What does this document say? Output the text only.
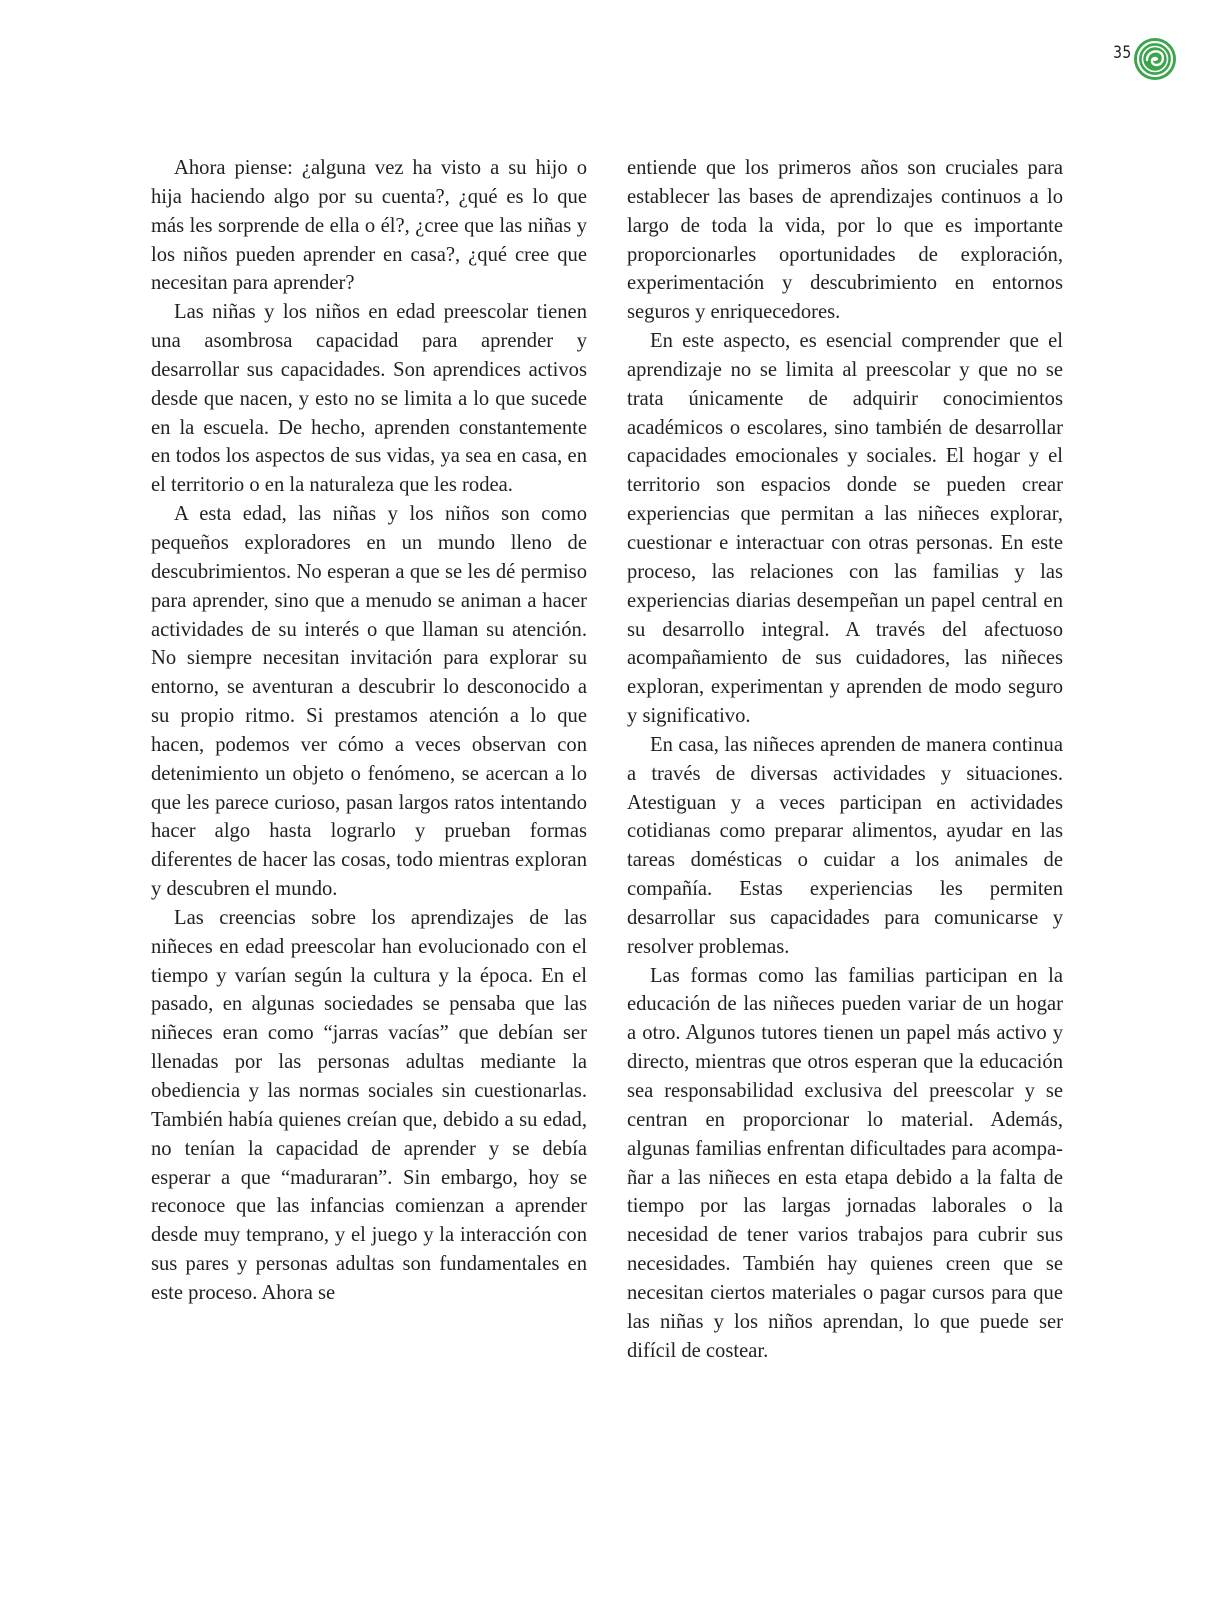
35

Ahora piense: ¿alguna vez ha visto a su hijo o hija haciendo algo por su cuenta?, ¿qué es lo que más les sorprende de ella o él?, ¿cree que las niñas y los niños pueden aprender en casa?, ¿qué cree que necesitan para aprender?

Las niñas y los niños en edad preescolar tienen una asombrosa capacidad para aprender y desarrollar sus capacidades. Son aprendices activos desde que nacen, y esto no se limita a lo que sucede en la escuela. De hecho, aprenden constantemente en todos los aspectos de sus vidas, ya sea en casa, en el territorio o en la naturaleza que les rodea.

A esta edad, las niñas y los niños son como pequeños exploradores en un mundo lleno de descubrimientos. No esperan a que se les dé permiso para aprender, sino que a menudo se animan a hacer actividades de su interés o que llaman su atención. No siempre necesitan invitación para explorar su entorno, se aventuran a descubrir lo desconocido a su propio ritmo. Si prestamos atención a lo que hacen, podemos ver cómo a veces observan con detenimiento un objeto o fenómeno, se acercan a lo que les parece curioso, pasan largos ratos intentando hacer algo hasta lograrlo y prueban formas diferentes de hacer las cosas, todo mientras exploran y descubren el mundo.

Las creencias sobre los aprendizajes de las niñeces en edad preescolar han evolucionado con el tiempo y varían según la cultura y la época. En el pasado, en algunas sociedades se pensaba que las niñeces eran como “jarras vacías” que debían ser llenadas por las personas adultas mediante la obediencia y las normas sociales sin cuestionarlas. También había quienes creían que, debido a su edad, no tenían la capacidad de aprender y se debía esperar a que “maduraran”. Sin embargo, hoy se reconoce que las infancias comienzan a aprender desde muy temprano, y el juego y la interacción con sus pares y personas adultas son fundamentales en este proceso. Ahora se

entiende que los primeros años son cruciales para establecer las bases de aprendizajes continuos a lo largo de toda la vida, por lo que es importante proporcionarles oportunidades de exploración, experimentación y descubrimiento en entornos seguros y enriquecedores.

En este aspecto, es esencial comprender que el aprendizaje no se limita al preescolar y que no se trata únicamente de adquirir conocimientos académicos o escolares, sino también de desarrollar capacidades emocionales y sociales. El hogar y el territorio son espacios donde se pueden crear experiencias que permitan a las niñeces explorar, cuestionar e interactuar con otras personas. En este proceso, las relaciones con las familias y las experiencias diarias desempeñan un papel central en su desarrollo integral. A través del afectuoso acompañamiento de sus cuidadores, las niñeces exploran, experimentan y aprenden de modo seguro y significativo.

En casa, las niñeces aprenden de manera continua a través de diversas actividades y situaciones. Atestiguan y a veces participan en actividades cotidianas como preparar alimentos, ayudar en las tareas domésticas o cuidar a los animales de compañía. Estas experiencias les permiten desarrollar sus capacidades para comunicarse y resolver problemas.

Las formas como las familias participan en la educación de las niñeces pueden variar de un hogar a otro. Algunos tutores tienen un papel más activo y directo, mientras que otros esperan que la educación sea responsabilidad exclusiva del preescolar y se centran en proporcionar lo material. Además, algunas familias enfrentan dificultades para acompañar a las niñeces en esta etapa debido a la falta de tiempo por las largas jornadas laborales o la necesidad de tener varios trabajos para cubrir sus necesidades. También hay quienes creen que se necesitan ciertos materiales o pagar cursos para que las niñas y los niños aprendan, lo que puede ser difícil de costear.
